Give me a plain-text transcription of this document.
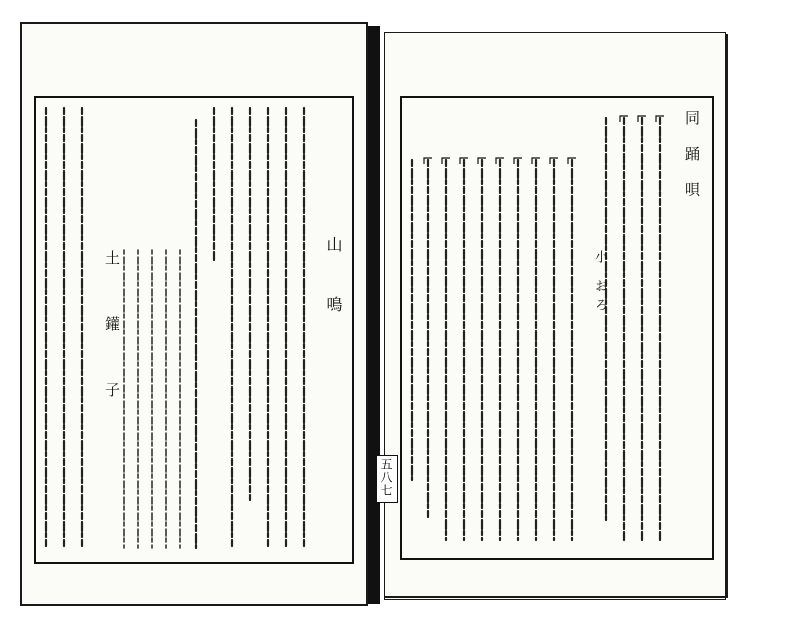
山　鳴
土　鑵　子
同 踊 唄
小 おろ
五八七
